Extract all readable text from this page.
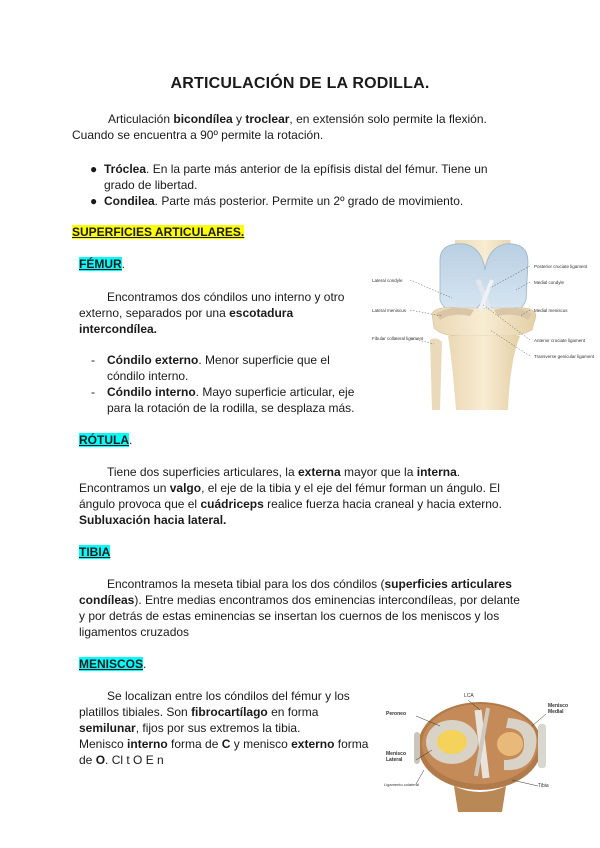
ARTICULACIÓN DE LA RODILLA.
Articulación bicondílea y troclear, en extensión solo permite la flexión.
Cuando se encuentra a 90º permite la rotación.
● Tróclea. En la parte más anterior de la epífisis distal del fémur. Tiene un
grado de libertad.
● Condilea. Parte más posterior. Permite un 2º grado de movimiento.
SUPERFICIES ARTICULARES.
FÉMUR.
Encontramos dos cóndilos uno interno y otro
externo, separados por una escotadura
intercondílea.
- Cóndilo externo. Menor superficie que el
cóndilo interno.
- Cóndilo interno. Mayo superficie articular, eje
para la rotación de la rodilla, se desplaza más.
Lateral condyle
Lateral meniscus
Fibular collateral ligament
Posterior cruciate ligament
Medial condyle
Medial meniscus
Anterior cruciate ligament
Transverse genicular ligament
RÓTULA.
Tiene dos superficies articulares, la externa mayor que la interna.
Encontramos un valgo, el eje de la tibia y el eje del fémur forman un ángulo. El
ángulo provoca que el cuádriceps realice fuerza hacia craneal y hacia externo.
Subluxación hacia lateral.
TIBIA
Encontramos la meseta tibial para los dos cóndilos (superficies articulares
condíleas). Entre medias encontramos dos eminencias intercondíleas, por delante
y por detrás de estas eminencias se insertan los cuernos de los meniscos y los
ligamentos cruzados
MENISCOS.
Se localizan entre los cóndilos del fémur y los
platillos tibiales. Son fibrocartílago en forma
semilunar, fijos por sus extremos la tibia.
Menisco interno forma de C y menisco externo forma
de O. Cl t O E n
LCA
Peroneo
Menisco
Lateral
Ligamento colateral
Menisco
Medial
Tibia
